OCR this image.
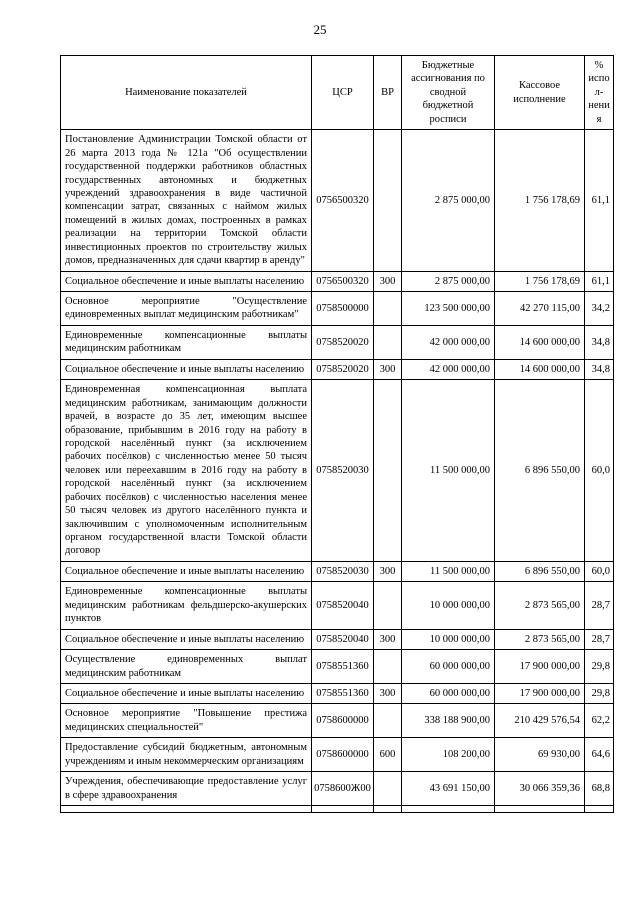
25
Наименование показателей	ЦСР	ВР	Бюджетные ассигнования по сводной бюджетной росписи	Кассовое исполнение	%
испол-
нения

Постановление Администрации Томской области от 26 марта 2013 года № 121а "Об осуществлении государственной поддержки работников областных государственных автономных и бюджетных учреждений здравоохранения в виде частичной компенсации затрат, связанных с наймом жилых помещений в жилых домах, построенных в рамках реализации на территории Томской области инвестиционных проектов по строительству жилых домов, предназначенных для сдачи квартир в аренду"	0756500320		2 875 000,00	1 756 178,69	61,1
Социальное обеспечение и иные выплаты населению	0756500320	300	2 875 000,00	1 756 178,69	61,1
Основное мероприятие "Осуществление единовременных выплат медицинским работникам"	0758500000		123 500 000,00	42 270 115,00	34,2
Единовременные компенсационные выплаты медицинским работникам	0758520020		42 000 000,00	14 600 000,00	34,8
Социальное обеспечение и иные выплаты населению	0758520020	300	42 000 000,00	14 600 000,00	34,8
Единовременная компенсационная выплата медицинским работникам, занимающим должности врачей, в возрасте до 35 лет, имеющим высшее образование, прибывшим в 2016 году на работу в городской населённый пункт (за исключением рабочих посёлков) с численностью менее 50 тысяч человек или переехавшим в 2016 году на работу в городской населённый пункт (за исключением рабочих посёлков) с численностью населения менее 50 тысяч человек из другого населённого пункта и заключившим с уполномоченным исполнительным органом государственной власти Томской области договор	0758520030		11 500 000,00	6 896 550,00	60,0
Социальное обеспечение и иные выплаты населению	0758520030	300	11 500 000,00	6 896 550,00	60,0
Единовременные компенсационные выплаты медицинским работникам фельдшерско-акушерских пунктов	0758520040		10 000 000,00	2 873 565,00	28,7
Социальное обеспечение и иные выплаты населению	0758520040	300	10 000 000,00	2 873 565,00	28,7
Осуществление единовременных выплат медицинским работникам	0758551360		60 000 000,00	17 900 000,00	29,8
Социальное обеспечение и иные выплаты населению	0758551360	300	60 000 000,00	17 900 000,00	29,8
Основное мероприятие "Повышение престижа медицинских специальностей"	0758600000		338 188 900,00	210 429 576,54	62,2
Предоставление субсидий бюджетным, автономным учреждениям и иным некоммерческим организациям	0758600000	600	108 200,00	69 930,00	64,6
Учреждения, обеспечивающие предоставление услуг в сфере здравоохранения	0758600Ж00		43 691 150,00	30 066 359,36	68,8
